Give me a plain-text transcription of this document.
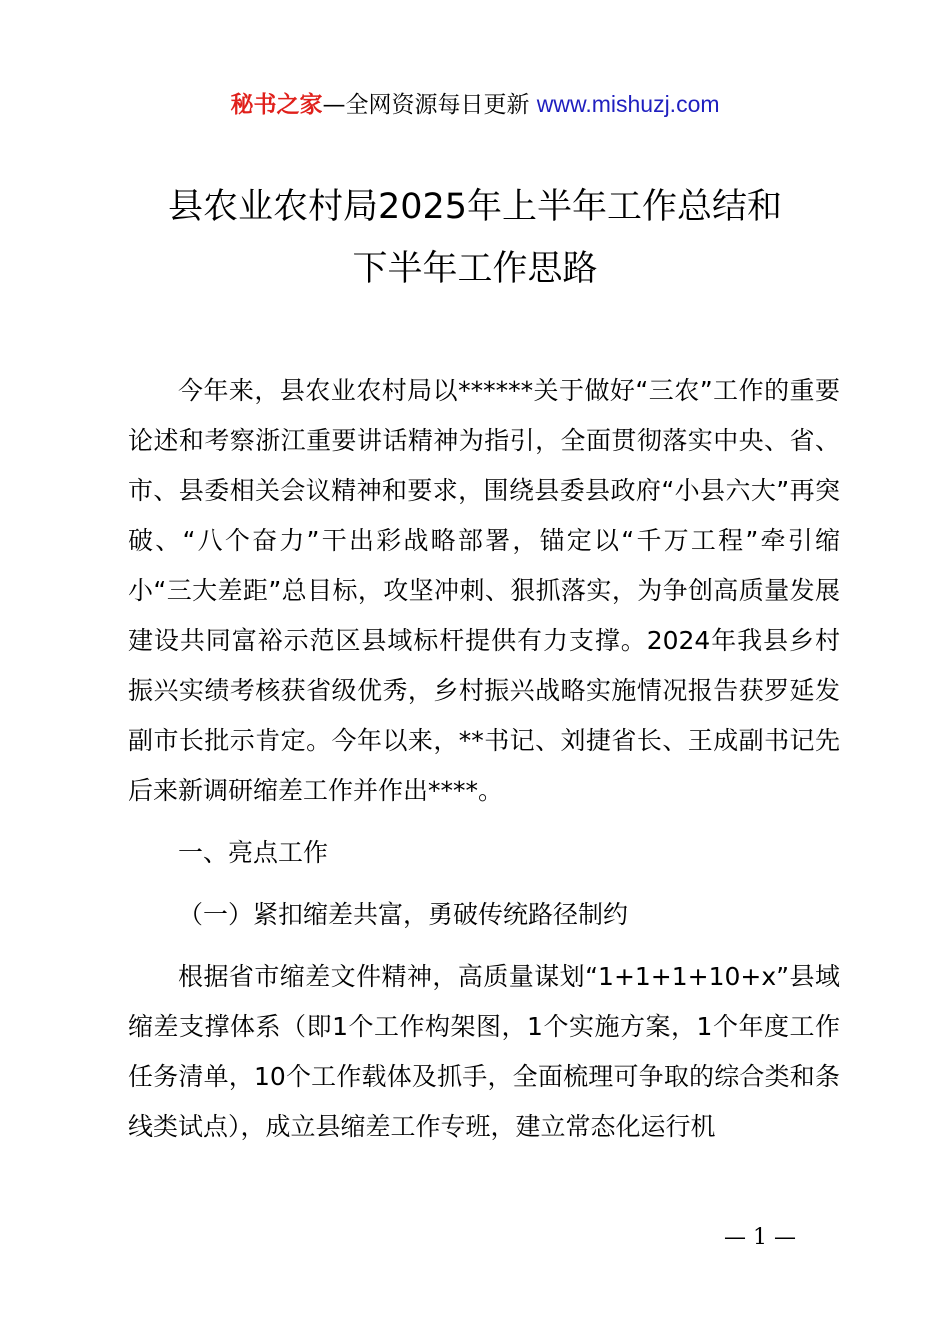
秘书之家—全网资源每日更新 www.mishuzj.com
县农业农村局2025年上半年工作总结和
下半年工作思路

今年来，县农业农村局以******关于做好“三农”工作的重要论述和考察浙江重要讲话精神为指引，全面贯彻落实中央、省、市、县委相关会议精神和要求，围绕县委县政府“小县六大”再突破、“八个奋力”干出彩战略部署，锚定以“千万工程”牵引缩小“三大差距”总目标，攻坚冲刺、狠抓落实，为争创高质量发展建设共同富裕示范区县域标杆提供有力支撑。2024年我县乡村振兴实绩考核获省级优秀，乡村振兴战略实施情况报告获罗延发副市长批示肯定。今年以来，**书记、刘捷省长、王成副书记先后来新调研缩差工作并作出****。

一、亮点工作

（一）紧扣缩差共富，勇破传统路径制约

根据省市缩差文件精神，高质量谋划“1+1+1+10+x”县域缩差支撑体系（即1个工作构架图，1个实施方案，1个年度工作任务清单，10个工作载体及抓手，全面梳理可争取的综合类和条线类试点），成立县缩差工作专班，建立常态化运行机

— 1 —
